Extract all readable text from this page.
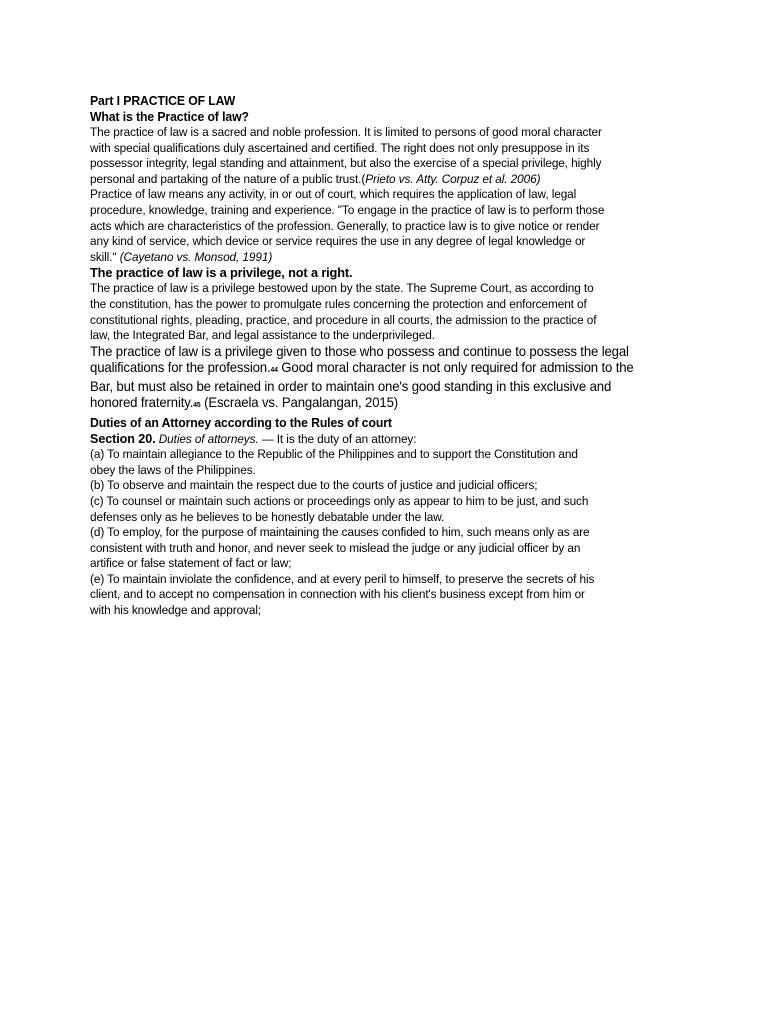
Part I PRACTICE OF LAW
What is the Practice of law?
The practice of law is a sacred and noble profession. It is limited to persons of good moral character
with special qualifications duly ascertained and certified. The right does not only presuppose in its
possessor integrity, legal standing and attainment, but also the exercise of a special privilege, highly
personal and partaking of the nature of a public trust.(Prieto vs. Atty. Corpuz et al. 2006)
Practice of law means any activity, in or out of court, which requires the application of law, legal
procedure, knowledge, training and experience. "To engage in the practice of law is to perform those
acts which are characteristics of the profession. Generally, to practice law is to give notice or render
any kind of service, which device or service requires the use in any degree of legal knowledge or
skill." (Cayetano vs. Monsod, 1991)
The practice of law is a privilege, not a right.
The practice of law is a privilege bestowed upon by the state. The Supreme Court, as according to
the constitution, has the power to promulgate rules concerning the protection and enforcement of
constitutional rights, pleading, practice, and procedure in all courts, the admission to the practice of
law, the Integrated Bar, and legal assistance to the underprivileged.
The practice of law is a privilege given to those who possess and continue to possess the legal
qualifications for the profession.44 Good moral character is not only required for admission to the
Bar, but must also be retained in order to maintain one's good standing in this exclusive and
honored fraternity.45 (Escraela vs. Pangalangan, 2015)
Duties of an Attorney according to the Rules of court
Section 20. Duties of attorneys. — It is the duty of an attorney:
(a) To maintain allegiance to the Republic of the Philippines and to support the Constitution and
obey the laws of the Philippines.
(b) To observe and maintain the respect due to the courts of justice and judicial officers;
(c) To counsel or maintain such actions or proceedings only as appear to him to be just, and such
defenses only as he believes to be honestly debatable under the law.
(d) To employ, for the purpose of maintaining the causes confided to him, such means only as are
consistent with truth and honor, and never seek to mislead the judge or any judicial officer by an
artifice or false statement of fact or law;
(e) To maintain inviolate the confidence, and at every peril to himself, to preserve the secrets of his
client, and to accept no compensation in connection with his client's business except from him or
with his knowledge and approval;
